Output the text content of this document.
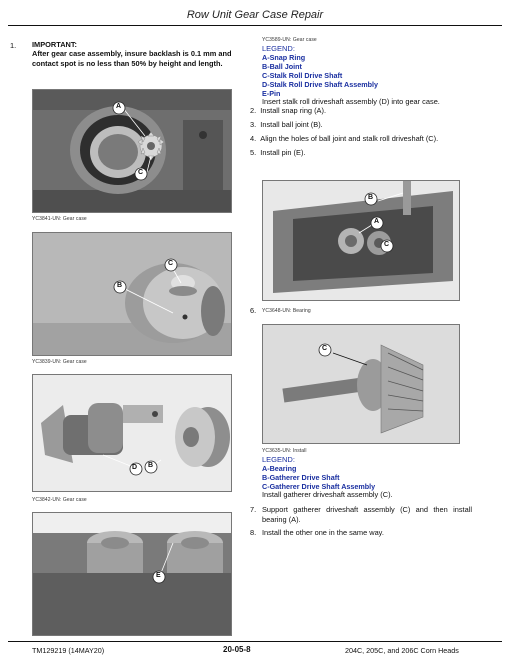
Row Unit Gear Case Repair
1. IMPORTANT:
After gear case assembly, insure backlash is 0.1 mm and contact spot is no less than 50% by height and length.
A
C
YC3841-UN: Gear case
C
B
YC3839-UN: Gear case
D B
YC3842-UN: Gear case
E
YC3589-UN: Gear case
LEGEND:
A-Snap Ring
B-Ball Joint
C-Stalk Roll Drive Shaft
D-Stalk Roll Drive Shaft Assembly
E-Pin
Insert stalk roll driveshaft assembly (D) into gear case.
2. Install snap ring (A).
3. Install ball joint (B).
4. Align the holes of ball joint and stalk roll driveshaft (C).
5. Install pin (E).
B
A
C
6. YC3648-UN: Bearing
C
YC3635-UN: Install
LEGEND:
A-Bearing
B-Gatherer Drive Shaft
C-Gatherer Drive Shaft Assembly
Install gatherer driveshaft assembly (C).
7. Support gatherer driveshaft assembly (C) and then install bearing (A).
8. Install the other one in the same way.
TM129219 (14MAY20)	20-05-8	204C, 205C, and 206C Corn Heads
